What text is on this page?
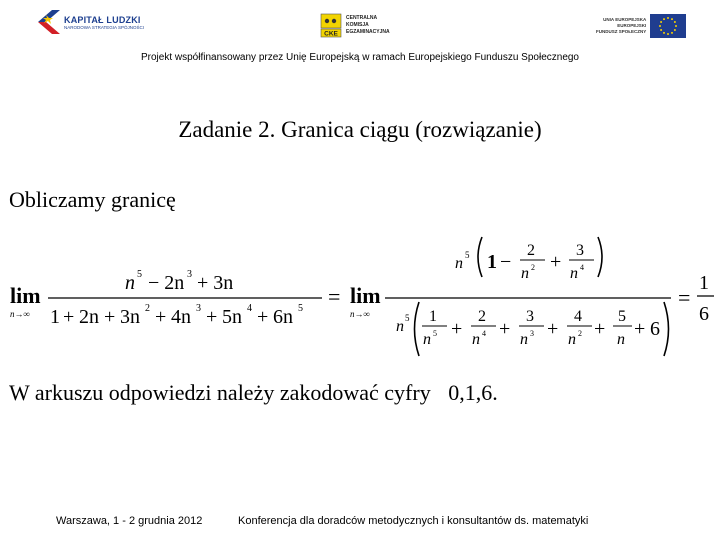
KAPITAŁ LUDZKI
NARODOWA STRATEGIA SPÓJNOŚCI
CKE
CENTRALNA
KOMISJA
EGZAMINACYJNA
UNIA EUROPEJSKA
EUROPEJSKI
FUNDUSZ SPOŁECZNY
Projekt współfinansowany przez Unię Europejską w ramach Europejskiego Funduszu Społecznego
Zadanie 2. Granica ciągu (rozwiązanie)
Obliczamy granicę
lim
n→∞
n 5 − 2n 3 + 3n
1 + 2n + 3n 2 + 4n 3 + 5n 4 + 6n 5 = lim
n→∞
n 5 1 −
2
n 2 +
3
n 4
n 5 1
n 5 +
2
n 4 +
3
n 3 +
4
n 2 +
5
n + 6
=
1
6
W arkuszu odpowiedzi należy zakodować cyfry 0,1,6.
Warszawa, 1 - 2 grudnia 2012	Konferencja dla doradców metodycznych i konsultantów ds. matematyki
